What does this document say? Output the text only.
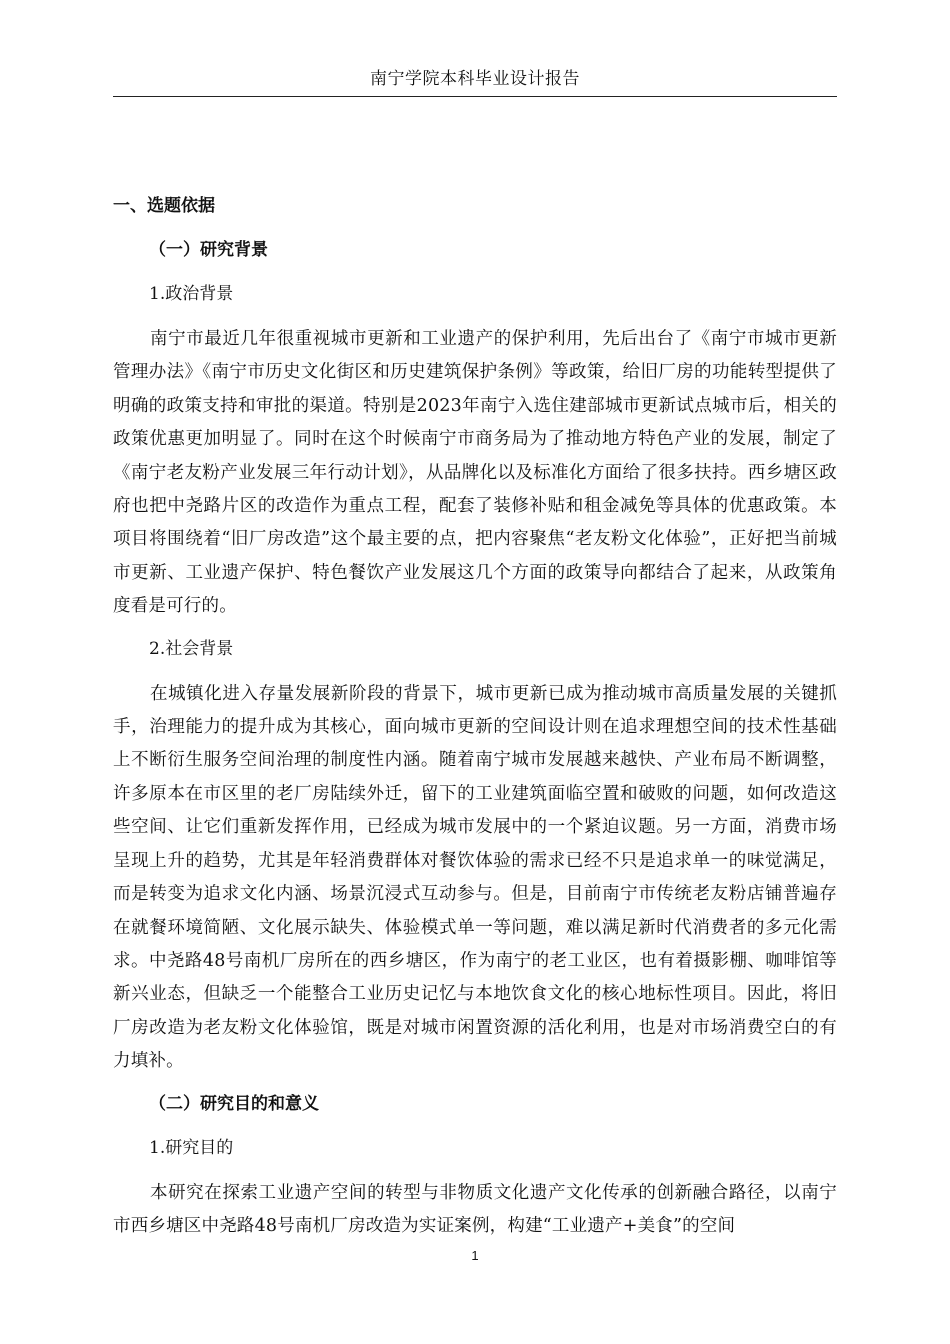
南宁学院本科毕业设计报告
一、选题依据
（一）研究背景
1.政治背景
南宁市最近几年很重视城市更新和工业遗产的保护利用，先后出台了《南宁市城市更新管理办法》《南宁市历史文化街区和历史建筑保护条例》等政策，给旧厂房的功能转型提供了明确的政策支持和审批的渠道。特别是2023年南宁入选住建部城市更新试点城市后，相关的政策优惠更加明显了。同时在这个时候南宁市商务局为了推动地方特色产业的发展，制定了《南宁老友粉产业发展三年行动计划》，从品牌化以及标准化方面给了很多扶持。西乡塘区政府也把中尧路片区的改造作为重点工程，配套了装修补贴和租金减免等具体的优惠政策。本项目将围绕着“旧厂房改造”这个最主要的点，把内容聚焦“老友粉文化体验”，正好把当前城市更新、工业遗产保护、特色餐饮产业发展这几个方面的政策导向都结合了起来，从政策角度看是可行的。
2.社会背景
在城镇化进入存量发展新阶段的背景下，城市更新已成为推动城市高质量发展的关键抓手，治理能力的提升成为其核心，面向城市更新的空间设计则在追求理想空间的技术性基础上不断衍生服务空间治理的制度性内涵。随着南宁城市发展越来越快、产业布局不断调整，许多原本在市区里的老厂房陆续外迁，留下的工业建筑面临空置和破败的问题，如何改造这些空间、让它们重新发挥作用，已经成为城市发展中的一个紧迫议题。另一方面，消费市场呈现上升的趋势，尤其是年轻消费群体对餐饮体验的需求已经不只是追求单一的味觉满足，而是转变为追求文化内涵、场景沉浸式互动参与。但是，目前南宁市传统老友粉店铺普遍存在就餐环境简陋、文化展示缺失、体验模式单一等问题，难以满足新时代消费者的多元化需求。中尧路48号南机厂房所在的西乡塘区，作为南宁的老工业区，也有着摄影棚、咖啡馆等新兴业态，但缺乏一个能整合工业历史记忆与本地饮食文化的核心地标性项目。因此，将旧厂房改造为老友粉文化体验馆，既是对城市闲置资源的活化利用，也是对市场消费空白的有力填补。
（二）研究目的和意义
1.研究目的
本研究在探索工业遗产空间的转型与非物质文化遗产文化传承的创新融合路径，以南宁市西乡塘区中尧路48号南机厂房改造为实证案例，构建“工业遗产+美食”的空间
1
